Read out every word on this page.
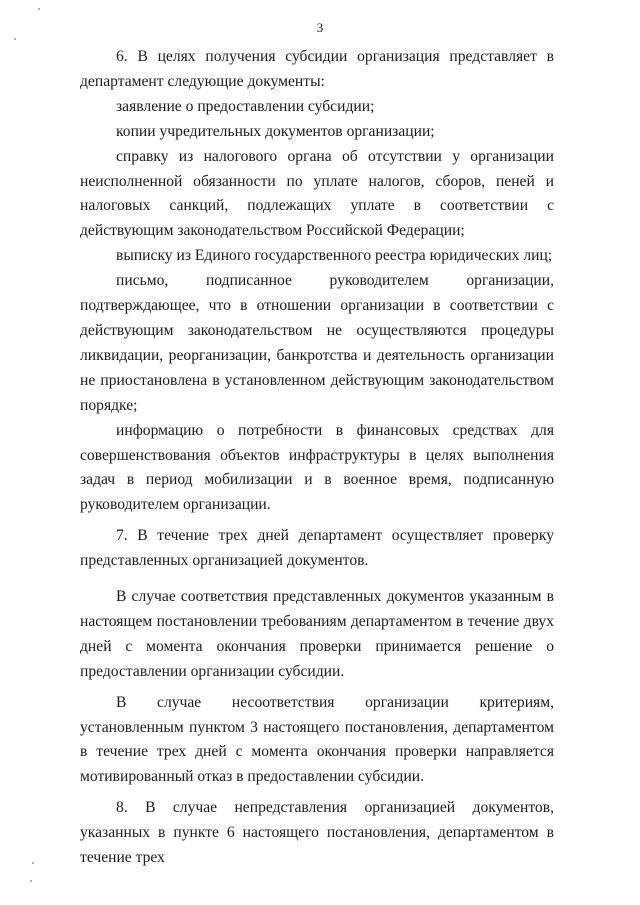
3

6. В целях получения субсидии организация представляет в департамент следующие документы:

заявление о предоставлении субсидии;

копии учредительных документов организации;

справку из налогового органа об отсутствии у организации неисполненной обязанности по уплате налогов, сборов, пеней и налоговых санкций, подлежащих уплате в соответствии с действующим законодательством Российской Федерации;

выписку из Единого государственного реестра юридических лиц;

письмо, подписанное руководителем организации, подтверждающее, что в отношении организации в соответствии с действующим законодательством не осуществляются процедуры ликвидации, реорганизации, банкротства и деятельность организации не приостановлена в установленном действующим законодательством порядке;

информацию о потребности в финансовых средствах для совершенствования объектов инфраструктуры в целях выполнения задач в период мобилизации и в военное время, подписанную руководителем организации.

7. В течение трех дней департамент осуществляет проверку представленных организацией документов.

В случае соответствия представленных документов указанным в настоящем постановлении требованиям департаментом в течение двух дней с момента окончания проверки принимается решение о предоставлении организации субсидии.

В случае несоответствия организации критериям, установленным пунктом 3 настоящего постановления, департаментом в течение трех дней с момента окончания проверки направляется мотивированный отказ в предоставлении субсидии.

8. В случае непредставления организацией документов, указанных в пункте 6 настоящего постановления, департаментом в течение трех
